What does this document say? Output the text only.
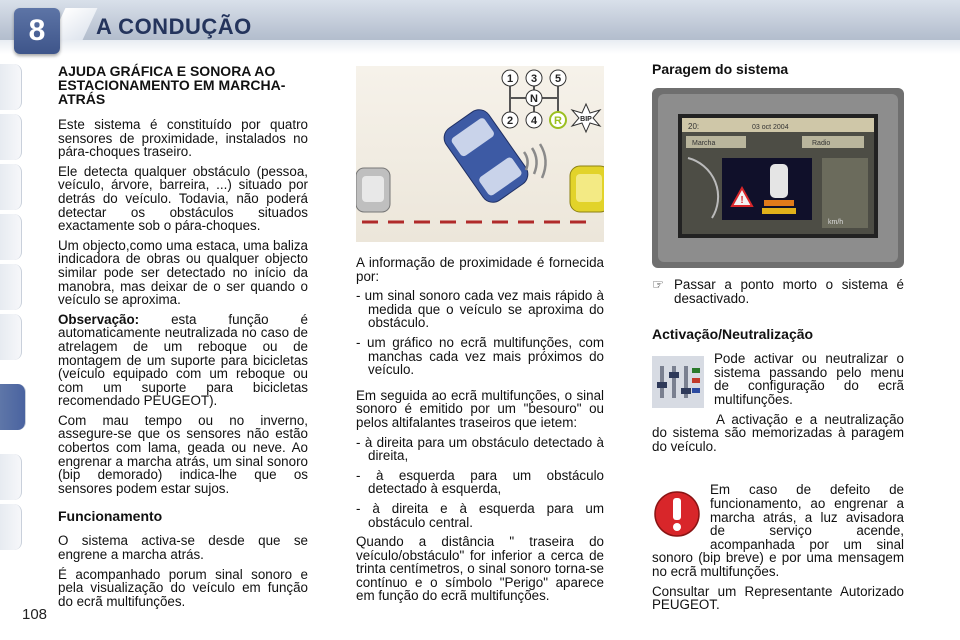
8	A CONDUÇÃO
108
AJUDA GRÁFICA E SONORA AO ESTACIONAMENTO EM MARCHA-ATRÁS

Este sistema é constituído por quatro sensores de proximidade, instalados no pára-choques traseiro.

Ele detecta qualquer obstáculo (pessoa, veículo, árvore, barreira, ...) situado por detrás do veículo. Todavia, não poderá detectar os obstáculos situados exactamente sob o pára-choques.

Um objecto,como uma estaca, uma baliza indicadora de obras ou qualquer objecto similar pode ser detectado no início da manobra, mas deixar de o ser quando o veículo se aproxima.

Observação: esta função é automaticamente neutralizada no caso de atrelagem de um reboque ou de montagem de um suporte para bicicletas (veículo equipado com um reboque ou com um suporte para bicicletas recomendado PEUGEOT).

Com mau tempo ou no inverno, assegure-se que os sensores não estão cobertos com lama, geada ou neve. Ao engrenar a marcha atrás, um sinal sonoro (bip demorado) indica-lhe que os sensores podem estar sujos.

Funcionamento

O sistema activa-se desde que se engrene a marcha atrás.

É acompanhado porum sinal sonoro e pela visualização do veículo em função do ecrã multifunções.

1 3 5
N
2 4 R	BIP

A informação de proximidade é fornecida por:

- um sinal sonoro cada vez mais rápido à medida que o veículo se aproxima do obstáculo.

- um gráfico no ecrã multifunções, com manchas cada vez mais próximos do veículo.

Em seguida ao ecrã multifunções, o sinal sonoro é emitido por um "besouro" ou pelos altifalantes traseiros que ietem:

- à direita para um obstáculo detectado à direita,

- à esquerda para um obstáculo detectado à esquerda,

- à direita e à esquerda para um obstáculo central.

Quando a distância " traseira do veículo/obstáculo" for inferior a cerca de trinta centímetros, o sinal sonoro torna-se contínuo e o símbolo "Perigo" aparece em função do ecrã multifunções.

Paragem do sistema
20:	03 oct 2004
Marcha	Radio
!
km/h
☞ Passar a ponto morto o sistema é desactivado.
Activação/Neutralização

Pode activar ou neutralizar o sistema passando pelo menu de configuração do ecrã multifunções.

A activação e a neutralização do sistema são memorizadas à paragem do veículo.

Em caso de defeito de funcionamento, ao engrenar a marcha atrás, a luz avisadora de serviço acende, acompanhada por um sinal sonoro (bip breve) e por uma mensagem no ecrã multifunções.

Consultar um Representante Autorizado PEUGEOT.
